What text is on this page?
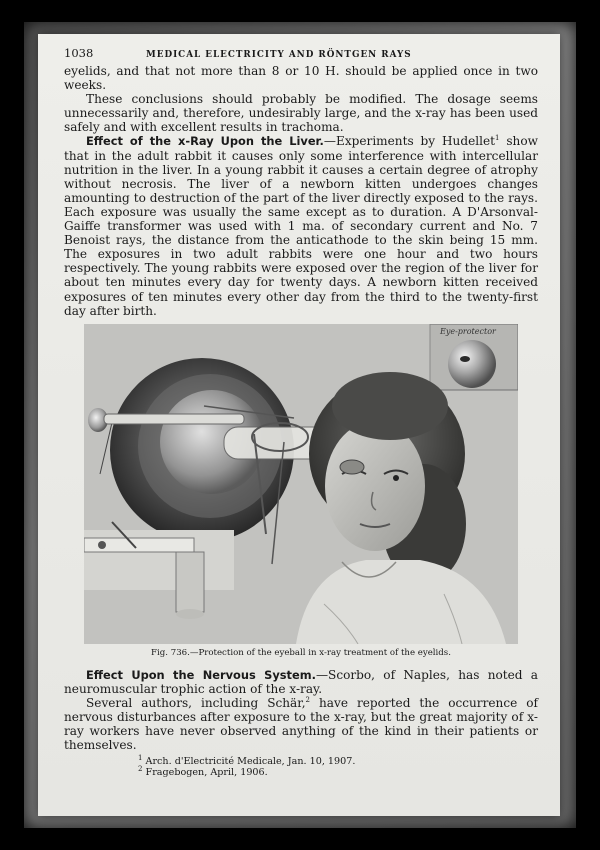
1038	MEDICAL ELECTRICITY AND RÖNTGEN RAYS

eyelids, and that not more than 8 or 10 H. should be applied once in two weeks.

These conclusions should probably be modified. The dosage seems unnecessarily and, therefore, undesirably large, and the x-ray has been used safely and with excellent results in trachoma.

Effect of the x-Ray Upon the Liver.—Experiments by Hudellet$^1$ show that in the adult rabbit it causes only some interference with intercellular nutrition in the liver. In a young rabbit it causes a certain degree of atrophy without necrosis. The liver of a newborn kitten undergoes changes amounting to destruction of the part of the liver directly exposed to the rays. Each exposure was usually the same except as to duration. A D'Arsonval-Gaiffe transformer was used with 1 ma. of secondary current and No. 7 Benoist rays, the distance from the anticathode to the skin being 15 mm. The exposures in two adult rabbits were one hour and two hours respectively. The young rabbits were exposed over the region of the liver for about ten minutes every day for twenty days. A newborn kitten received exposures of ten minutes every other day from the third to the twenty-first day after birth.

Eye-protector
Fig. 736.—Protection of the eyeball in x-ray treatment of the eyelids.

Effect Upon the Nervous System.—Scorbo, of Naples, has noted a neuromuscular trophic action of the x-ray.

Several authors, including Schär,$^2$ have reported the occurrence of nervous disturbances after exposure to the x-ray, but the great majority of x-ray workers have never observed anything of the kind in their patients or themselves.

$^1$ Arch. d'Electricité Medicale, Jan. 10, 1907.
$^2$ Fragebogen, April, 1906.
